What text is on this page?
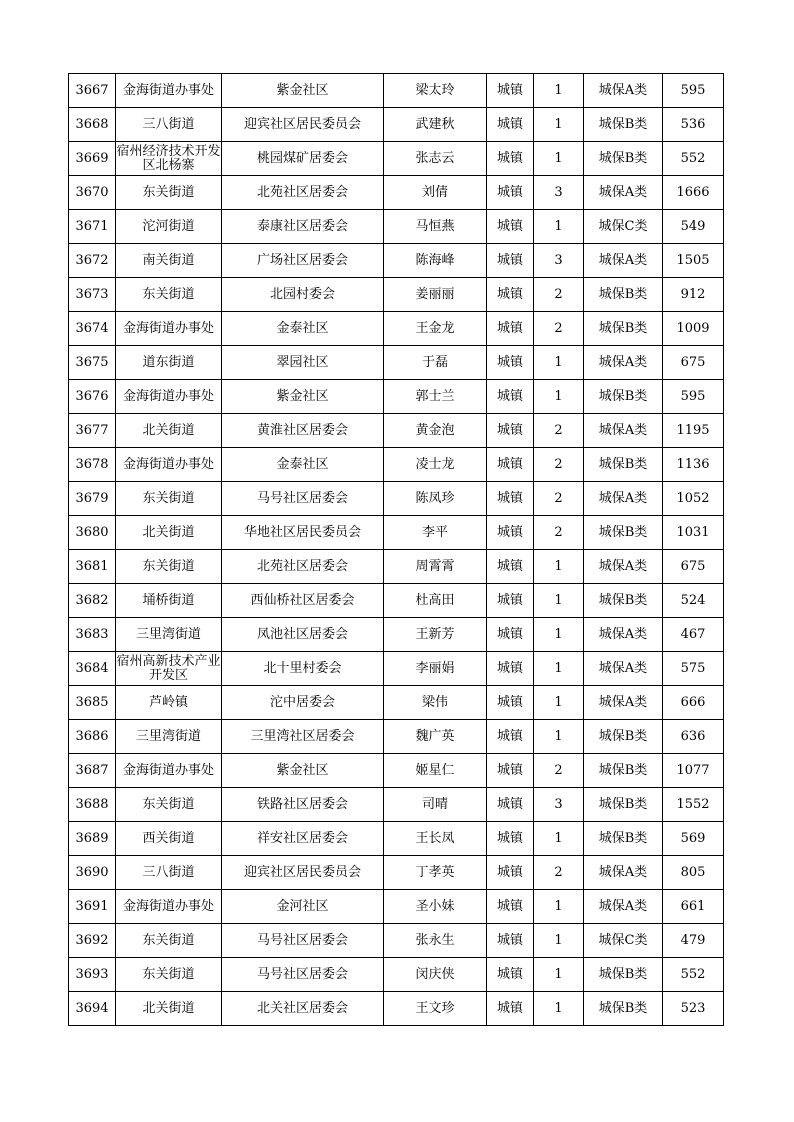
3667	金海街道办事处	紫金社区	梁太玲	城镇	1	城保A类	595
3668	三八街道	迎宾社区居民委员会	武建秋	城镇	1	城保B类	536
3669	宿州经济技术开发区北杨寨	桃园煤矿居委会	张志云	城镇	1	城保B类	552
3670	东关街道	北苑社区居委会	刘倩	城镇	3	城保A类	1666
3671	沱河街道	泰康社区居委会	马恒燕	城镇	1	城保C类	549
3672	南关街道	广场社区居委会	陈海峰	城镇	3	城保A类	1505
3673	东关街道	北园村委会	姜丽丽	城镇	2	城保B类	912
3674	金海街道办事处	金泰社区	王金龙	城镇	2	城保B类	1009
3675	道东街道	翠园社区	于磊	城镇	1	城保A类	675
3676	金海街道办事处	紫金社区	郭士兰	城镇	1	城保B类	595
3677	北关街道	黄淮社区居委会	黄金泡	城镇	2	城保A类	1195
3678	金海街道办事处	金泰社区	凌士龙	城镇	2	城保B类	1136
3679	东关街道	马号社区居委会	陈凤珍	城镇	2	城保A类	1052
3680	北关街道	华地社区居民委员会	李平	城镇	2	城保B类	1031
3681	东关街道	北苑社区居委会	周霄霄	城镇	1	城保A类	675
3682	埇桥街道	西仙桥社区居委会	杜高田	城镇	1	城保B类	524
3683	三里湾街道	凤池社区居委会	王新芳	城镇	1	城保A类	467
3684	宿州高新技术产业开发区	北十里村委会	李丽娟	城镇	1	城保A类	575
3685	芦岭镇	沱中居委会	梁伟	城镇	1	城保A类	666
3686	三里湾街道	三里湾社区居委会	魏广英	城镇	1	城保B类	636
3687	金海街道办事处	紫金社区	姬星仁	城镇	2	城保B类	1077
3688	东关街道	铁路社区居委会	司晴	城镇	3	城保B类	1552
3689	西关街道	祥安社区居委会	王长凤	城镇	1	城保B类	569
3690	三八街道	迎宾社区居民委员会	丁孝英	城镇	2	城保A类	805
3691	金海街道办事处	金河社区	圣小妹	城镇	1	城保A类	661
3692	东关街道	马号社区居委会	张永生	城镇	1	城保C类	479
3693	东关街道	马号社区居委会	闵庆侠	城镇	1	城保B类	552
3694	北关街道	北关社区居委会	王文珍	城镇	1	城保B类	523
